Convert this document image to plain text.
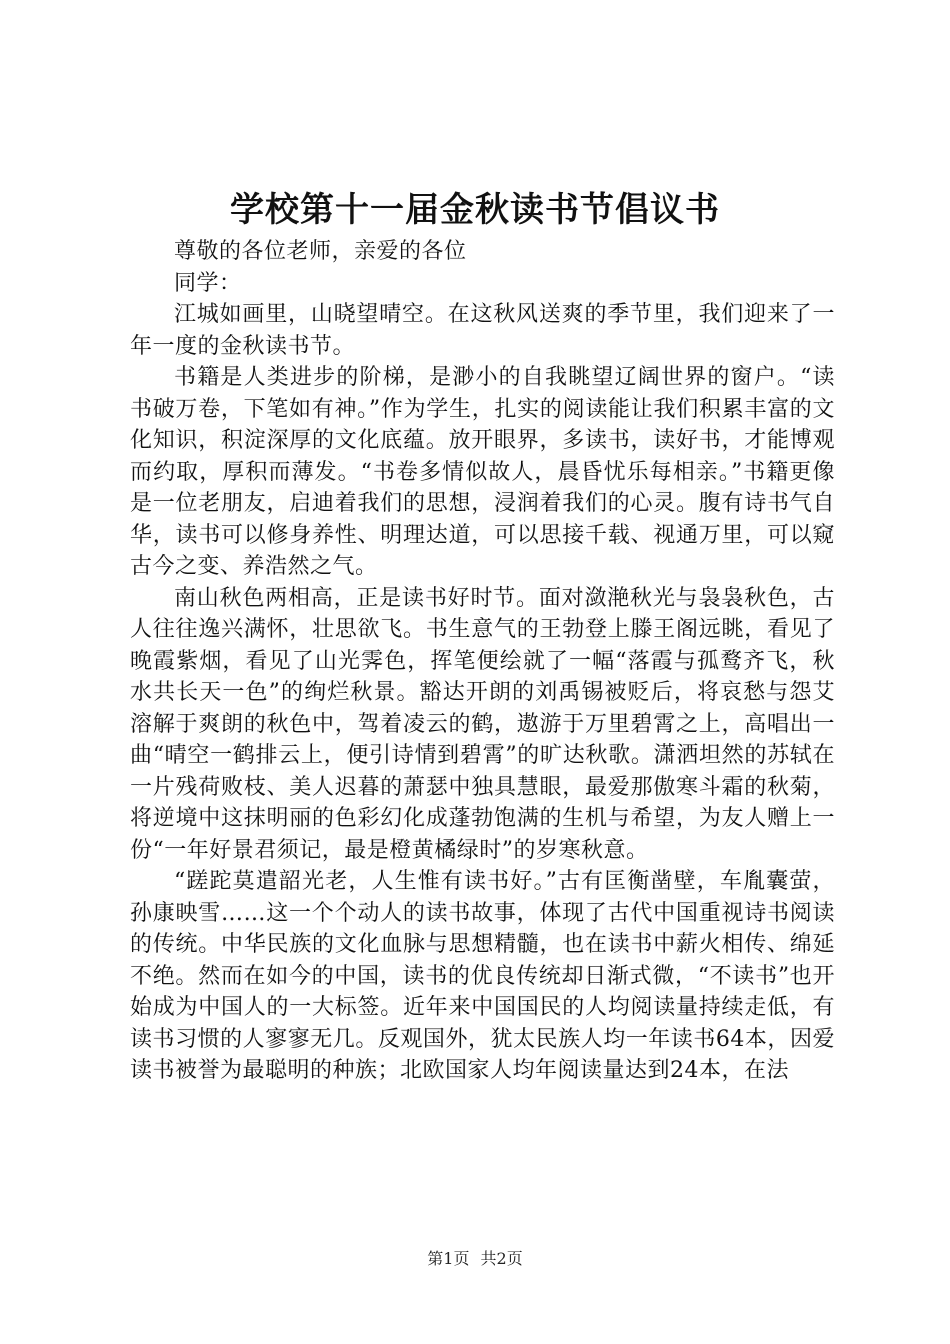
学校第十一届金秋读书节倡议书
尊敬的各位老师，亲爱的各位
同学：

江城如画里，山晓望晴空。在这秋风送爽的季节里，我们迎来了一年一度的金秋读书节。

书籍是人类进步的阶梯，是渺小的自我眺望辽阔世界的窗户。“读书破万卷，下笔如有神。”作为学生，扎实的阅读能让我们积累丰富的文化知识，积淀深厚的文化底蕴。放开眼界，多读书，读好书，才能博观而约取，厚积而薄发。“书卷多情似故人，晨昏忧乐每相亲。”书籍更像是一位老朋友，启迪着我们的思想，浸润着我们的心灵。腹有诗书气自华，读书可以修身养性、明理达道，可以思接千载、视通万里，可以窥古今之变、养浩然之气。

南山秋色两相高，正是读书好时节。面对潋滟秋光与袅袅秋色，古人往往逸兴满怀，壮思欲飞。书生意气的王勃登上滕王阁远眺，看见了晚霞紫烟，看见了山光霁色，挥笔便绘就了一幅“落霞与孤鹜齐飞，秋水共长天一色”的绚烂秋景。豁达开朗的刘禹锡被贬后，将哀愁与怨艾溶解于爽朗的秋色中，驾着凌云的鹤，遨游于万里碧霄之上，高唱出一曲“晴空一鹤排云上，便引诗情到碧霄”的旷达秋歌。潇洒坦然的苏轼在一片残荷败枝、美人迟暮的萧瑟中独具慧眼，最爱那傲寒斗霜的秋菊，将逆境中这抹明丽的色彩幻化成蓬勃饱满的生机与希望，为友人赠上一份“一年好景君须记，最是橙黄橘绿时”的岁寒秋意。

“蹉跎莫遣韶光老，人生惟有读书好。”古有匡衡凿壁，车胤囊萤，孙康映雪……这一个个动人的读书故事，体现了古代中国重视诗书阅读的传统。中华民族的文化血脉与思想精髓，也在读书中薪火相传、绵延不绝。然而在如今的中国，读书的优良传统却日渐式微，“不读书”也开始成为中国人的一大标签。近年来中国国民的人均阅读量持续走低，有读书习惯的人寥寥无几。反观国外，犹太民族人均一年读书64本，因爱读书被誉为最聪明的种族；北欧国家人均年阅读量达到24本，在法

第1页 共2页
